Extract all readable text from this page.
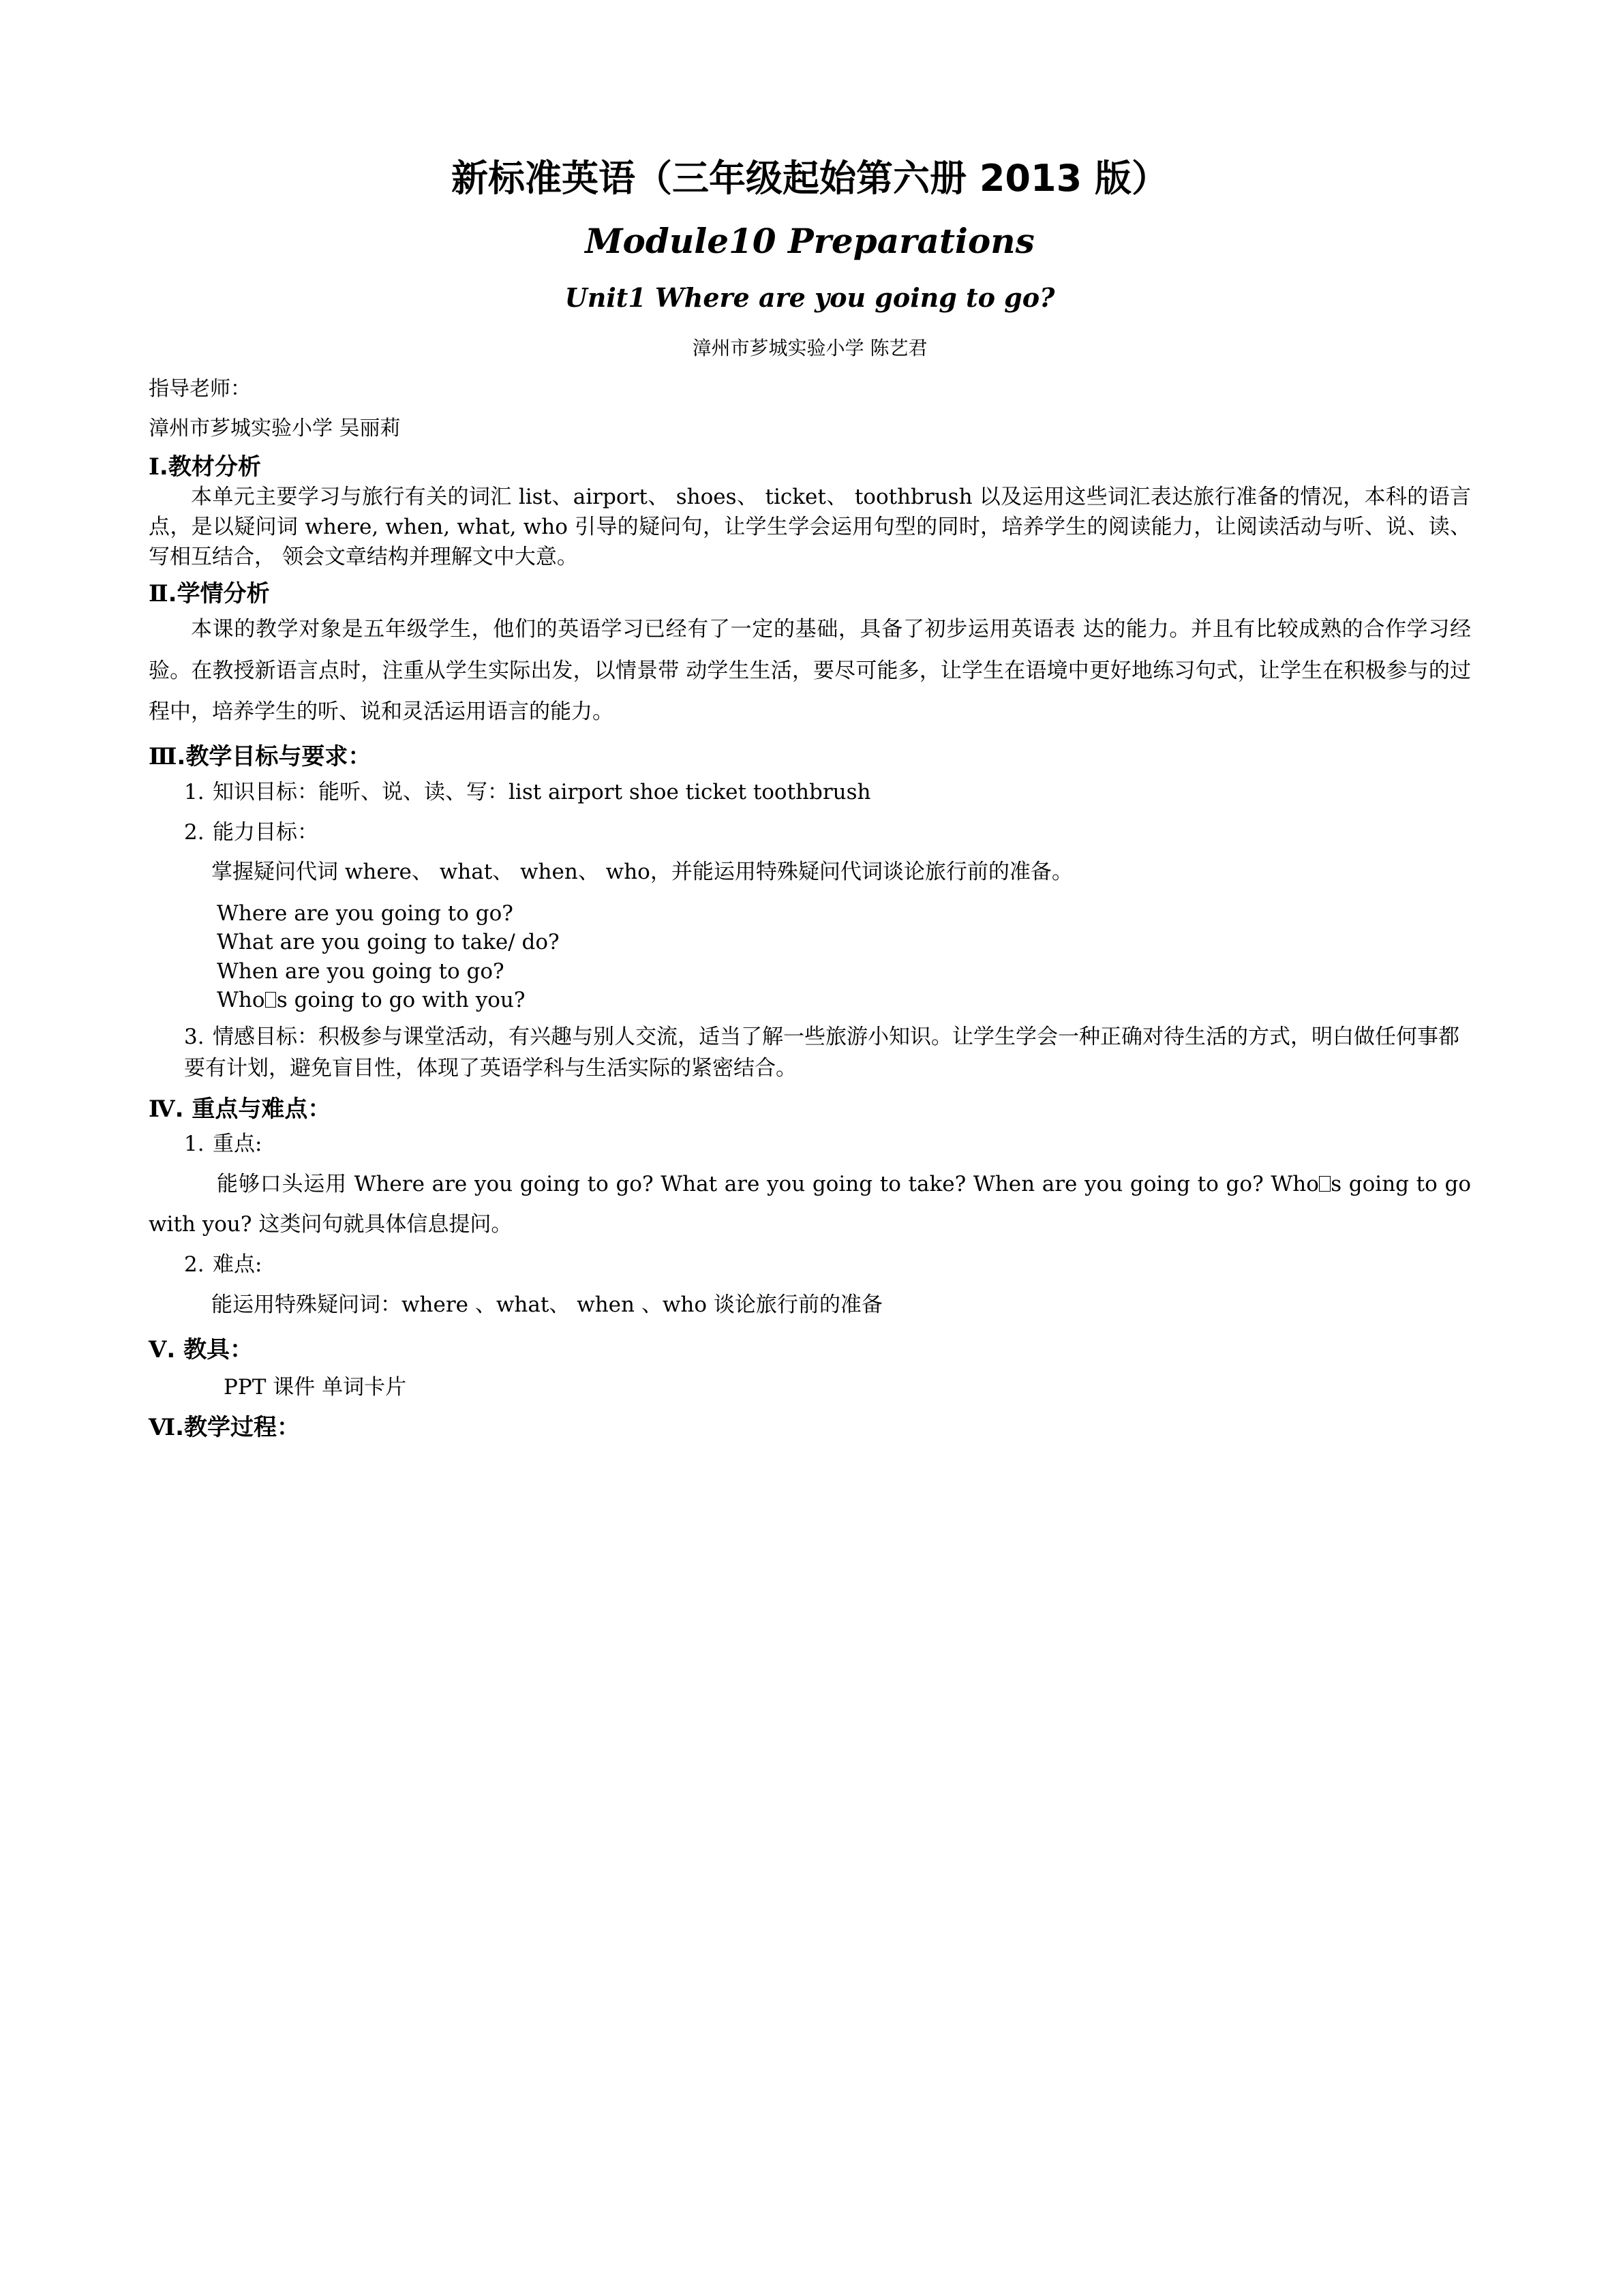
新标准英语（三年级起始第六册 2013 版）
Module10 Preparations
Unit1 Where are you going to go?
漳州市芗城实验小学 陈艺君
指导老师：
漳州市芗城实验小学 吴丽莉
Ⅰ.教材分析

本单元主要学习与旅行有关的词汇 list、airport、 shoes、 ticket、 toothbrush 以及运用这些词汇表达旅行准备的情况，本科的语言点，是以疑问词 where, when, what, who 引导的疑问句，让学生学会运用句型的同时，培养学生的阅读能力，让阅读活动与听、说、读、写相互结合， 领会文章结构并理解文中大意。

Ⅱ.学情分析

本课的教学对象是五年级学生，他们的英语学习已经有了一定的基础，具备了初步运用英语表 达的能力。并且有比较成熟的合作学习经验。在教授新语言点时，注重从学生实际出发，以情景带 动学生生活，要尽可能多，让学生在语境中更好地练习句式，让学生在积极参与的过程中，培养学生的听、说和灵活运用语言的能力。

Ⅲ.教学目标与要求：
1. 知识目标：能听、说、读、写：list airport shoe ticket toothbrush
2. 能力目标：
掌握疑问代词 where、 what、 when、 who，并能运用特殊疑问代词谈论旅行前的准备。
Where are you going to go?
What are you going to take/ do?
When are you going to go?
Who s going to go with you?
3. 情感目标：积极参与课堂活动，有兴趣与别人交流，适当了解一些旅游小知识。让学生学会一种正确对待生活的方式，明白做任何事都要有计划，避免盲目性，体现了英语学科与生活实际的紧密结合。
Ⅳ. 重点与难点：
1. 重点:
能够口头运用 Where are you going to go? What are you going to take? When are you going to go? Who s going to go with you? 这类问句就具体信息提问。
2. 难点:
能运用特殊疑问词：where 、what、 when 、who 谈论旅行前的准备
Ⅴ. 教具：
PPT 课件 单词卡片
Ⅵ.教学过程：
